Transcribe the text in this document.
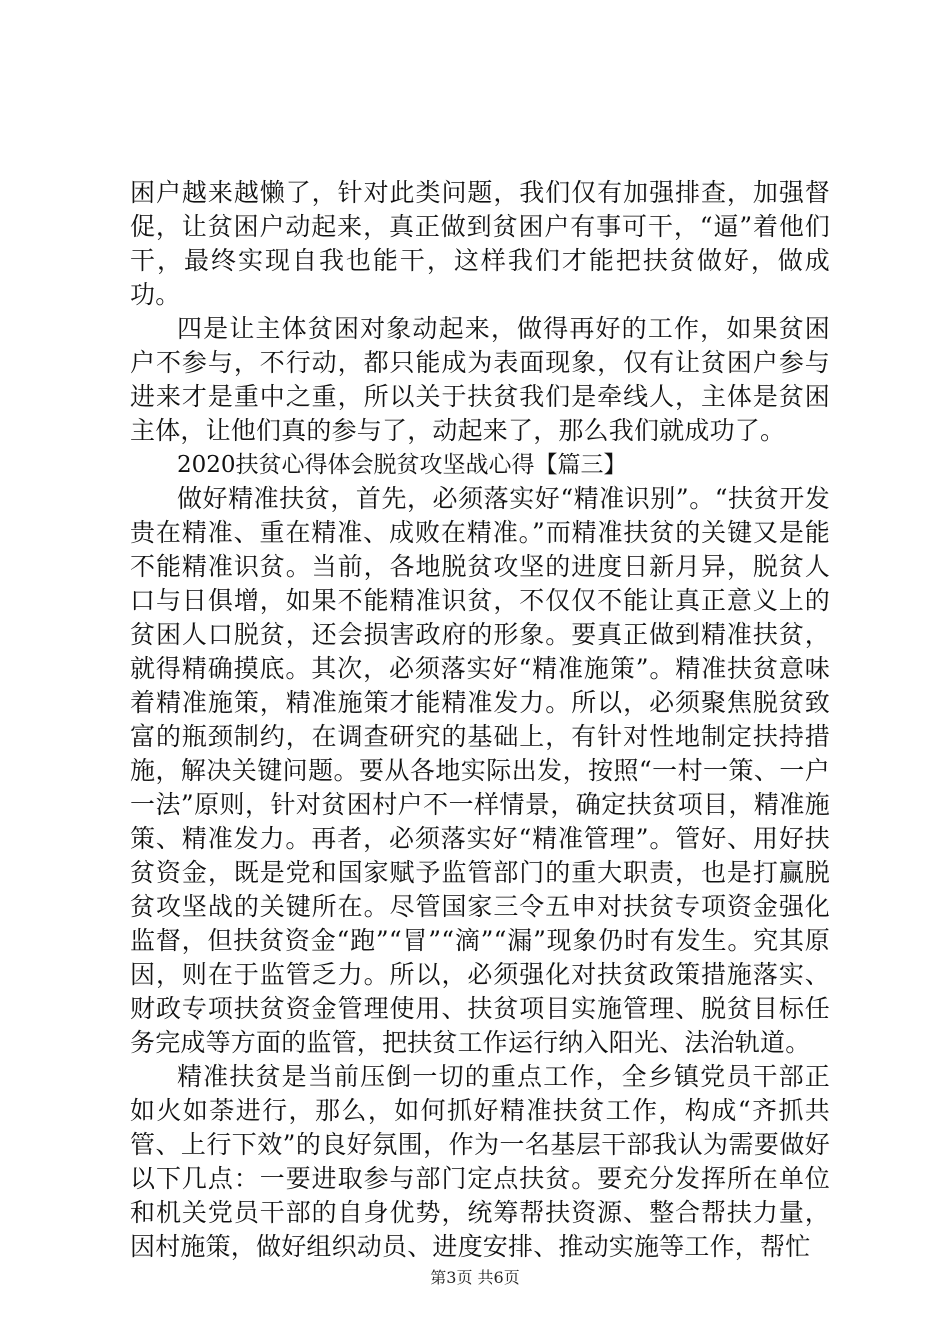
困户越来越懒了，针对此类问题，我们仅有加强排查，加强督促，让贫困户动起来，真正做到贫困户有事可干，“逼”着他们干，最终实现自我也能干，这样我们才能把扶贫做好，做成功。

四是让主体贫困对象动起来，做得再好的工作，如果贫困户不参与，不行动，都只能成为表面现象，仅有让贫困户参与进来才是重中之重，所以关于扶贫我们是牵线人，主体是贫困主体，让他们真的参与了，动起来了，那么我们就成功了。

2020扶贫心得体会脱贫攻坚战心得【篇三】

做好精准扶贫，首先，必须落实好“精准识别”。“扶贫开发贵在精准、重在精准、成败在精准。”而精准扶贫的关键又是能不能精准识贫。当前，各地脱贫攻坚的进度日新月异，脱贫人口与日俱增，如果不能精准识贫，不仅仅不能让真正意义上的贫困人口脱贫，还会损害政府的形象。要真正做到精准扶贫，就得精确摸底。其次，必须落实好“精准施策”。精准扶贫意味着精准施策，精准施策才能精准发力。所以，必须聚焦脱贫致富的瓶颈制约，在调查研究的基础上，有针对性地制定扶持措施，解决关键问题。要从各地实际出发，按照“一村一策、一户一法”原则，针对贫困村户不一样情景，确定扶贫项目，精准施策、精准发力。再者，必须落实好“精准管理”。管好、用好扶贫资金，既是党和国家赋予监管部门的重大职责，也是打赢脱贫攻坚战的关键所在。尽管国家三令五申对扶贫专项资金强化监督，但扶贫资金“跑”“冒”“滴”“漏”现象仍时有发生。究其原因，则在于监管乏力。所以，必须强化对扶贫政策措施落实、财政专项扶贫资金管理使用、扶贫项目实施管理、脱贫目标任务完成等方面的监管，把扶贫工作运行纳入阳光、法治轨道。

精准扶贫是当前压倒一切的重点工作，全乡镇党员干部正如火如荼进行，那么，如何抓好精准扶贫工作，构成“齐抓共管、上行下效”的良好氛围，作为一名基层干部我认为需要做好以下几点：一要进取参与部门定点扶贫。要充分发挥所在单位和机关党员干部的自身优势，统筹帮扶资源、整合帮扶力量，因村施策，做好组织动员、进度安排、推动实施等工作，帮忙

第3页 共6页
